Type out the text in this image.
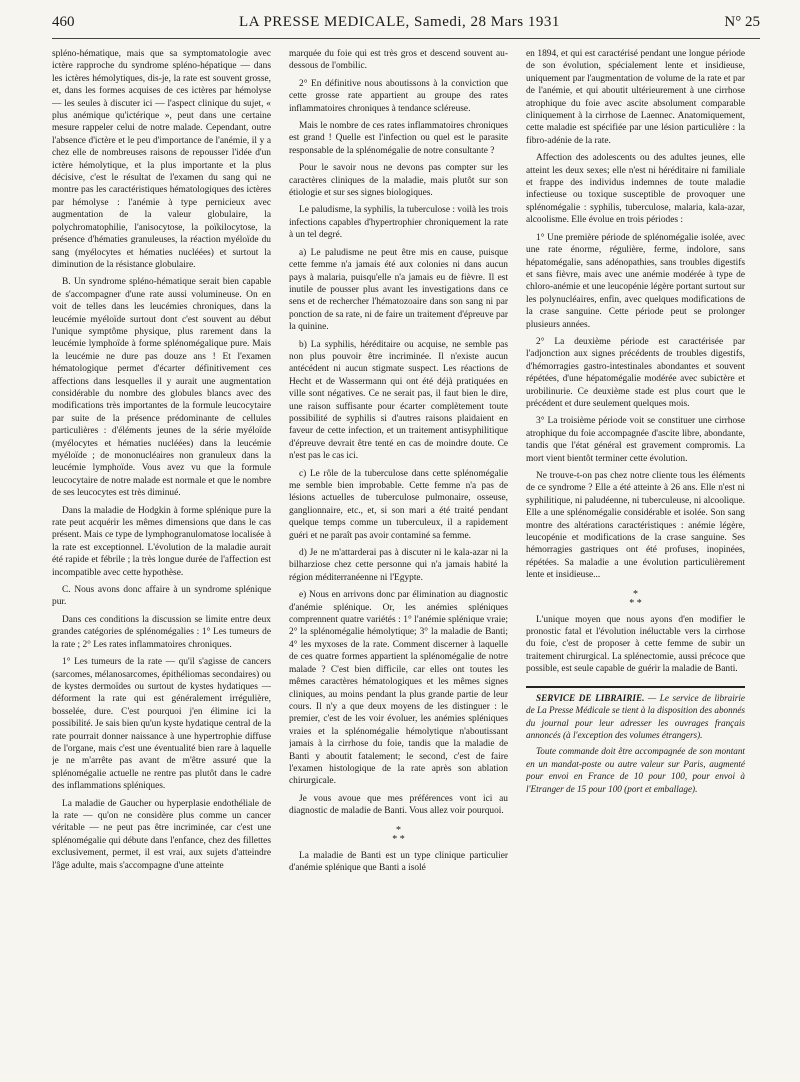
460	LA PRESSE MEDICALE, Samedi, 28 Mars 1931	N° 25

spléno-hématique, mais que sa symptomatologie avec ictère rapproche du syndrome spléno-hépatique — dans les ictères hémolytiques, dis-je, la rate est souvent grosse, et, dans les formes acquises de ces ictères par hémolyse — les seules à discuter ici — l'aspect clinique du sujet, « plus anémique qu'ictérique », peut dans une certaine mesure rappeler celui de notre malade. Cependant, outre l'absence d'ictère et le peu d'importance de l'anémie, il y a chez elle de nombreuses raisons de repousser l'idée d'un ictère hémolytique, et la plus importante et la plus décisive, c'est le résultat de l'examen du sang qui ne montre pas les caractéristiques hématologiques des ictères par hémolyse : l'anémie à type pernicieux avec augmentation de la valeur globulaire, la polychromatophilie, l'anisocytose, la poïkilocytose, la présence d'hématies granuleuses, la réaction myéloïde du sang (myélocytes et hématies nucléées) et surtout la diminution de la résistance globulaire.

B. Un syndrome spléno-hématique serait bien capable de s'accompagner d'une rate aussi volumineuse. On en voit de telles dans les leucémies chroniques, dans la leucémie myéloïde surtout dont c'est souvent au début l'unique symptôme physique, plus rarement dans la leucémie lymphoïde à forme splénomégalique pure. Mais la leucémie ne dure pas douze ans ! Et l'examen hématologique permet d'écarter définitivement ces affections dans lesquelles il y aurait une augmentation considérable du nombre des globules blancs avec des modifications très importantes de la formule leucocytaire par suite de la présence prédominante de cellules particulières : d'éléments jeunes de la série myéloïde (myélocytes et hématies nucléées) dans la leucémie myéloïde ; de mononucléaires non granuleux dans la leucémie lymphoïde. Vous avez vu que la formule leucocytaire de notre malade est normale et que le nombre de ses leucocytes est très diminué.

Dans la maladie de Hodgkin à forme splénique pure la rate peut acquérir les mêmes dimensions que dans le cas présent. Mais ce type de lymphogranulomatose localisée à la rate est exceptionnel. L'évolution de la maladie aurait été rapide et fébrile ; la très longue durée de l'affection est incompatible avec cette hypothèse.

C. Nous avons donc affaire à un syndrome splénique pur.

Dans ces conditions la discussion se limite entre deux grandes catégories de splénomégalies : 1° Les tumeurs de la rate ; 2° Les rates inflammatoires chroniques.

1° Les tumeurs de la rate — qu'il s'agisse de cancers (sarcomes, mélanosarcomes, épithéliomas secondaires) ou de kystes dermoïdes ou surtout de kystes hydatiques — déforment la rate qui est généralement irrégulière, bosselée, dure. C'est pourquoi j'en élimine ici la possibilité. Je sais bien qu'un kyste hydatique central de la rate pourrait donner naissance à une hypertrophie diffuse de l'organe, mais c'est une éventualité bien rare à laquelle je ne m'arrête pas avant de m'être assuré que la splénomégalie actuelle ne rentre pas plutôt dans le cadre des inflammations spléniques.

La maladie de Gaucher ou hyperplasie endothéliale de la rate — qu'on ne considère plus comme un cancer véritable — ne peut pas être incriminée, car c'est une splénomégalie qui débute dans l'enfance, chez des fillettes exclusivement, permet, il est vrai, aux sujets d'atteindre l'âge adulte, mais s'accompagne d'une atteinte

marquée du foie qui est très gros et descend souvent au-dessous de l'ombilic.

2° En définitive nous aboutissons à la conviction que cette grosse rate appartient au groupe des rates inflammatoires chroniques à tendance scléreuse.

Mais le nombre de ces rates inflammatoires chroniques est grand ! Quelle est l'infection ou quel est le parasite responsable de la splénomégalie de notre consultante ?

Pour le savoir nous ne devons pas compter sur les caractères cliniques de la maladie, mais plutôt sur son étiologie et sur ses signes biologiques.

Le paludisme, la syphilis, la tuberculose : voilà les trois infections capables d'hypertrophier chroniquement la rate à un tel degré.

a) Le paludisme ne peut être mis en cause, puisque cette femme n'a jamais été aux colonies ni dans aucun pays à malaria, puisqu'elle n'a jamais eu de fièvre. Il est inutile de pousser plus avant les investigations dans ce sens et de rechercher l'hématozoaire dans son sang ni par ponction de sa rate, ni de faire un traitement d'épreuve par la quinine.

b) La syphilis, héréditaire ou acquise, ne semble pas non plus pouvoir être incriminée. Il n'existe aucun antécédent ni aucun stigmate suspect. Les réactions de Hecht et de Wassermann qui ont été déjà pratiquées en ville sont négatives. Ce ne serait pas, il faut bien le dire, une raison suffisante pour écarter complètement toute possibilité de syphilis si d'autres raisons plaidaient en faveur de cette infection, et un traitement antisyphilitique d'épreuve devrait être tenté en cas de moindre doute. Ce n'est pas le cas ici.

c) Le rôle de la tuberculose dans cette splénomégalie me semble bien improbable. Cette femme n'a pas de lésions actuelles de tuberculose pulmonaire, osseuse, ganglionnaire, etc., et, si son mari a été traité pendant quelque temps comme un tuberculeux, il a rapidement guéri et ne paraît pas avoir contaminé sa femme.

d) Je ne m'attarderai pas à discuter ni le kala-azar ni la bilharziose chez cette personne qui n'a jamais habité la région méditerranéenne ni l'Egypte.

e) Nous en arrivons donc par élimination au diagnostic d'anémie splénique. Or, les anémies spléniques comprennent quatre variétés : 1° l'anémie splénique vraie; 2° la splénomégalie hémolytique; 3° la maladie de Banti; 4° les myxoses de la rate. Comment discerner à laquelle de ces quatre formes appartient la splénomégalie de notre malade ? C'est bien difficile, car elles ont toutes les mêmes caractères hématologiques et les mêmes signes cliniques, au moins pendant la plus grande partie de leur cours. Il n'y a que deux moyens de les distinguer : le premier, c'est de les voir évoluer, les anémies spléniques vraies et la splénomégalie hémolytique n'aboutissant jamais à la cirrhose du foie, tandis que la maladie de Banti y aboutit fatalement; le second, c'est de faire l'examen histologique de la rate après son ablation chirurgicale.

Je vous avoue que mes préférences vont ici au diagnostic de maladie de Banti. Vous allez voir pourquoi.

*
* *

La maladie de Banti est un type clinique particulier d'anémie splénique que Banti a isolé

en 1894, et qui est caractérisé pendant une longue période de son évolution, spécialement lente et insidieuse, uniquement par l'augmentation de volume de la rate et par de l'anémie, et qui aboutit ultérieurement à une cirrhose atrophique du foie avec ascite absolument comparable cliniquement à la cirrhose de Laennec. Anatomiquement, cette maladie est spécifiée par une lésion particulière : la fibro-adénie de la rate.

Affection des adolescents ou des adultes jeunes, elle atteint les deux sexes; elle n'est ni héréditaire ni familiale et frappe des individus indemnes de toute maladie infectieuse ou toxique susceptible de provoquer une splénomégalie : syphilis, tuberculose, malaria, kala-azar, alcoolisme. Elle évolue en trois périodes :

1° Une première période de splénomégalie isolée, avec une rate énorme, régulière, ferme, indolore, sans hépatomégalie, sans adénopathies, sans troubles digestifs et sans fièvre, mais avec une anémie modérée à type de chloro-anémie et une leucopénie légère portant surtout sur les polynucléaires, enfin, avec quelques modifications de la crase sanguine. Cette période peut se prolonger plusieurs années.

2° La deuxième période est caractérisée par l'adjonction aux signes précédents de troubles digestifs, d'hémorragies gastro-intestinales abondantes et souvent répétées, d'une hépatomégalie modérée avec subictère et urobilinurie. Ce deuxième stade est plus court que le précédent et dure seulement quelques mois.

3° La troisième période voit se constituer une cirrhose atrophique du foie accompagnée d'ascite libre, abondante, tandis que l'état général est gravement compromis. La mort vient bientôt terminer cette évolution.

Ne trouve-t-on pas chez notre cliente tous les éléments de ce syndrome ? Elle a été atteinte à 26 ans. Elle n'est ni syphilitique, ni paludéenne, ni tuberculeuse, ni alcoolique. Elle a une splénomégalie considérable et isolée. Son sang montre des altérations caractéristiques : anémie légère, leucopénie et modifications de la crase sanguine. Ses hémorragies gastriques ont été profuses, inopinées, répétées. Sa maladie a une évolution particulièrement lente et insidieuse...

*
* *

L'unique moyen que nous ayons d'en modifier le pronostic fatal et l'évolution inéluctable vers la cirrhose du foie, c'est de proposer à cette femme de subir un traitement chirurgical. La splénectomie, aussi précoce que possible, est seule capable de guérir la maladie de Banti.

SERVICE DE LIBRAIRIE. — Le service de librairie de La Presse Médicale se tient à la disposition des abonnés du journal pour leur adresser les ouvrages français annoncés (à l'exception des volumes étrangers).

Toute commande doit être accompagnée de son montant en un mandat-poste ou autre valeur sur Paris, augmenté pour envoi en France de 10 pour 100, pour envoi à l'Etranger de 15 pour 100 (port et emballage).
